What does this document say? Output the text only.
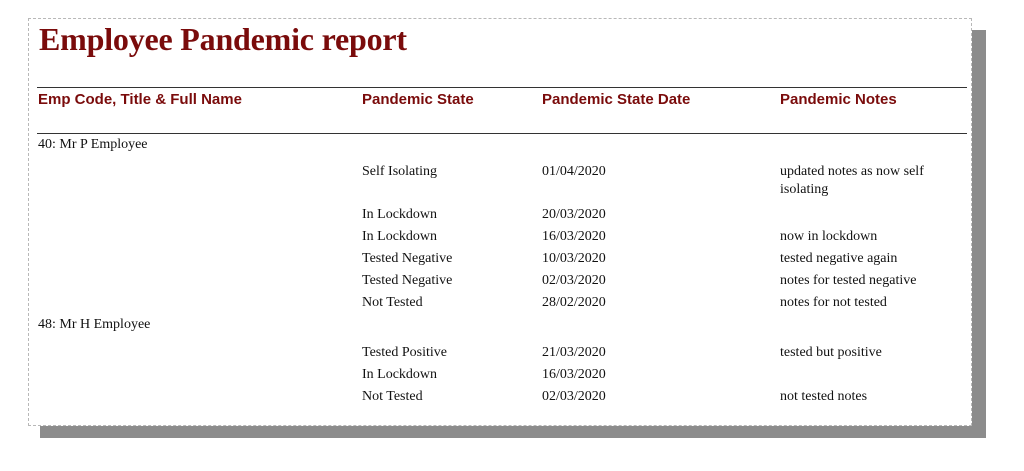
Employee Pandemic report
Emp Code, Title & Full Name	Pandemic State	Pandemic State Date	Pandemic Notes
40: Mr P Employee
Self Isolating	01/04/2020	updated notes as now self isolating
In Lockdown	20/03/2020
In Lockdown	16/03/2020	now in lockdown
Tested Negative	10/03/2020	tested negative again
Tested Negative	02/03/2020	notes for tested negative
Not Tested	28/02/2020	notes for not tested
48: Mr H Employee
Tested Positive	21/03/2020	tested but positive
In Lockdown	16/03/2020
Not Tested	02/03/2020	not tested notes
